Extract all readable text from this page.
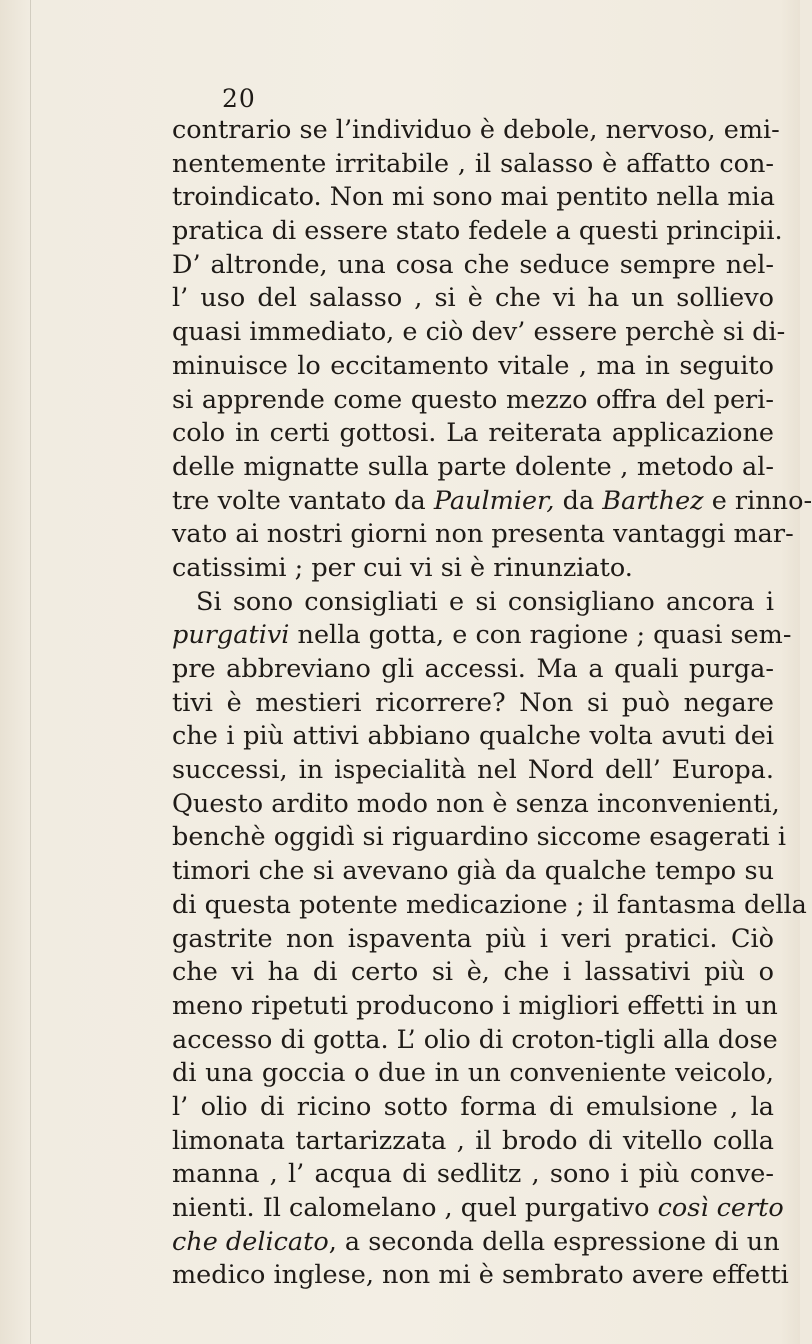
20
contrario se l’individuo è debole, nervoso, emi-
nentemente irritabile , il salasso è affatto con-
troindicato. Non mi sono mai pentito nella mia
pratica di essere stato fedele a questi principii.
D’ altronde, una cosa che seduce sempre nel-
l’ uso del salasso , si è che vi ha un sollievo
quasi immediato, e ciò dev’ essere perchè si di-
minuisce lo eccitamento vitale , ma in seguito
si apprende come questo mezzo offra del peri-
colo in certi gottosi. La reiterata applicazione
delle mignatte sulla parte dolente , metodo al-
tre volte vantato da Paulmier, da Barthez e rinno-
vato ai nostri giorni non presenta vantaggi mar-
catissimi ; per cui vi si è rinunziato.
Si sono consigliati e si consigliano ancora i
purgativi nella gotta, e con ragione ; quasi sem-
pre abbreviano gli accessi. Ma a quali purga-
tivi è mestieri ricorrere? Non si può negare
che i più attivi abbiano qualche volta avuti dei
successi, in ispecialità nel Nord dell’ Europa.
Questo ardito modo non è senza inconvenienti,
benchè oggidì si riguardino siccome esagerati i
timori che si avevano già da qualche tempo su
di questa potente medicazione ; il fantasma della
gastrite non ispaventa più i veri pratici. Ciò
che vi ha di certo si è, che i lassativi più o
meno ripetuti producono i migliori effetti in un
accesso di gotta. L’ olio di croton-tigli alla dose
di una goccia o due in un conveniente veicolo,
l’ olio di ricino sotto forma di emulsione , la
limonata tartarizzata , il brodo di vitello colla
manna , l’ acqua di sedlitz , sono i più conve-
nienti. Il calomelano , quel purgativo così certo
che delicato, a seconda della espressione di un
medico inglese, non mi è sembrato avere effetti
